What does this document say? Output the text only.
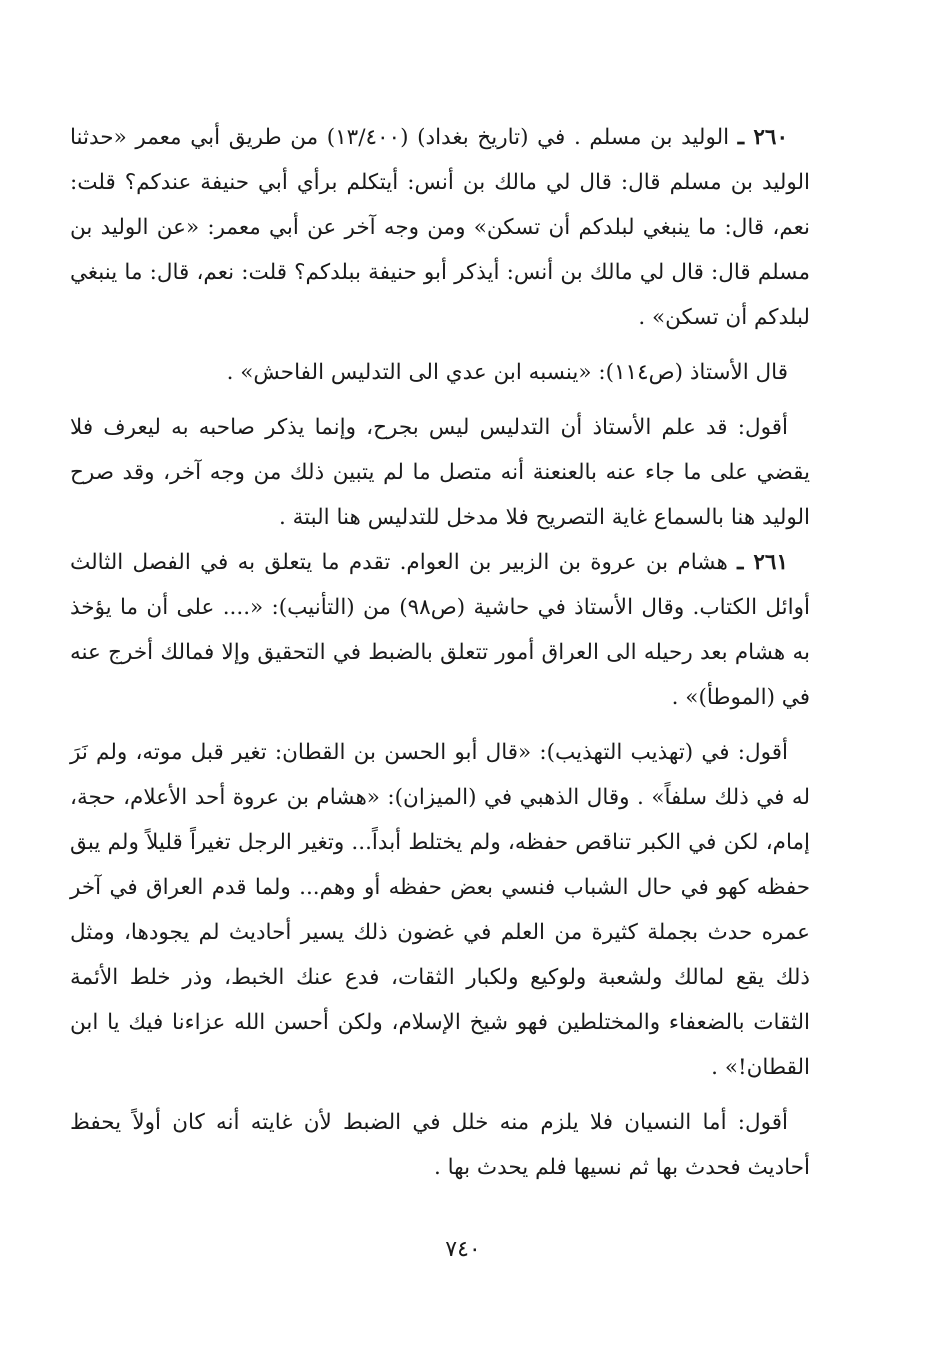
٢٦٠ ـ الوليد بن مسلم . في (تاريخ بغداد) (١٣/٤٠٠) من طريق أبي معمر «حدثنا الوليد بن مسلم قال: قال لي مالك بن أنس: أيتكلم برأي أبي حنيفة عندكم؟ قلت: نعم، قال: ما ينبغي لبلدكم أن تسكن» ومن وجه آخر عن أبي معمر: «عن الوليد بن مسلم قال: قال لي مالك بن أنس: أيذكر أبو حنيفة ببلدكم؟ قلت: نعم، قال: ما ينبغي لبلدكم أن تسكن» .

قال الأستاذ (ص١١٤): «ينسبه ابن عدي الى التدليس الفاحش» .

أقول: قد علم الأستاذ أن التدليس ليس بجرح، وإنما يذكر صاحبه به ليعرف فلا يقضي على ما جاء عنه بالعنعنة أنه متصل ما لم يتبين ذلك من وجه آخر، وقد صرح الوليد هنا بالسماع غاية التصريح فلا مدخل للتدليس هنا البتة .

٢٦١ ـ هشام بن عروة بن الزبير بن العوام. تقدم ما يتعلق به في الفصل الثالث أوائل الكتاب. وقال الأستاذ في حاشية (ص٩٨) من (التأنيب): «.... على أن ما يؤخذ به هشام بعد رحيله الى العراق أمور تتعلق بالضبط في التحقيق وإلا فمالك أخرج عنه في (الموطأ)» .

أقول: في (تهذيب التهذيب): «قال أبو الحسن بن القطان: تغير قبل موته، ولم نَرَ له في ذلك سلفاً» . وقال الذهبي في (الميزان): «هشام بن عروة أحد الأعلام، حجة، إمام، لكن في الكبر تناقص حفظه، ولم يختلط أبداً... وتغير الرجل تغيراً قليلاً ولم يبق حفظه كهو في حال الشباب فنسي بعض حفظه أو وهم... ولما قدم العراق في آخر عمره حدث بجملة كثيرة من العلم في غضون ذلك يسير أحاديث لم يجودها، ومثل ذلك يقع لمالك ولشعبة ولوكيع ولكبار الثقات، فدع عنك الخبط، وذر خلط الأئمة الثقات بالضعفاء والمختلطين فهو شيخ الإسلام، ولكن أحسن الله عزاءنا فيك يا ابن القطان!» .

أقول: أما النسيان فلا يلزم منه خلل في الضبط لأن غايته أنه كان أولاً يحفظ أحاديث فحدث بها ثم نسيها فلم يحدث بها .

٧٤٠
